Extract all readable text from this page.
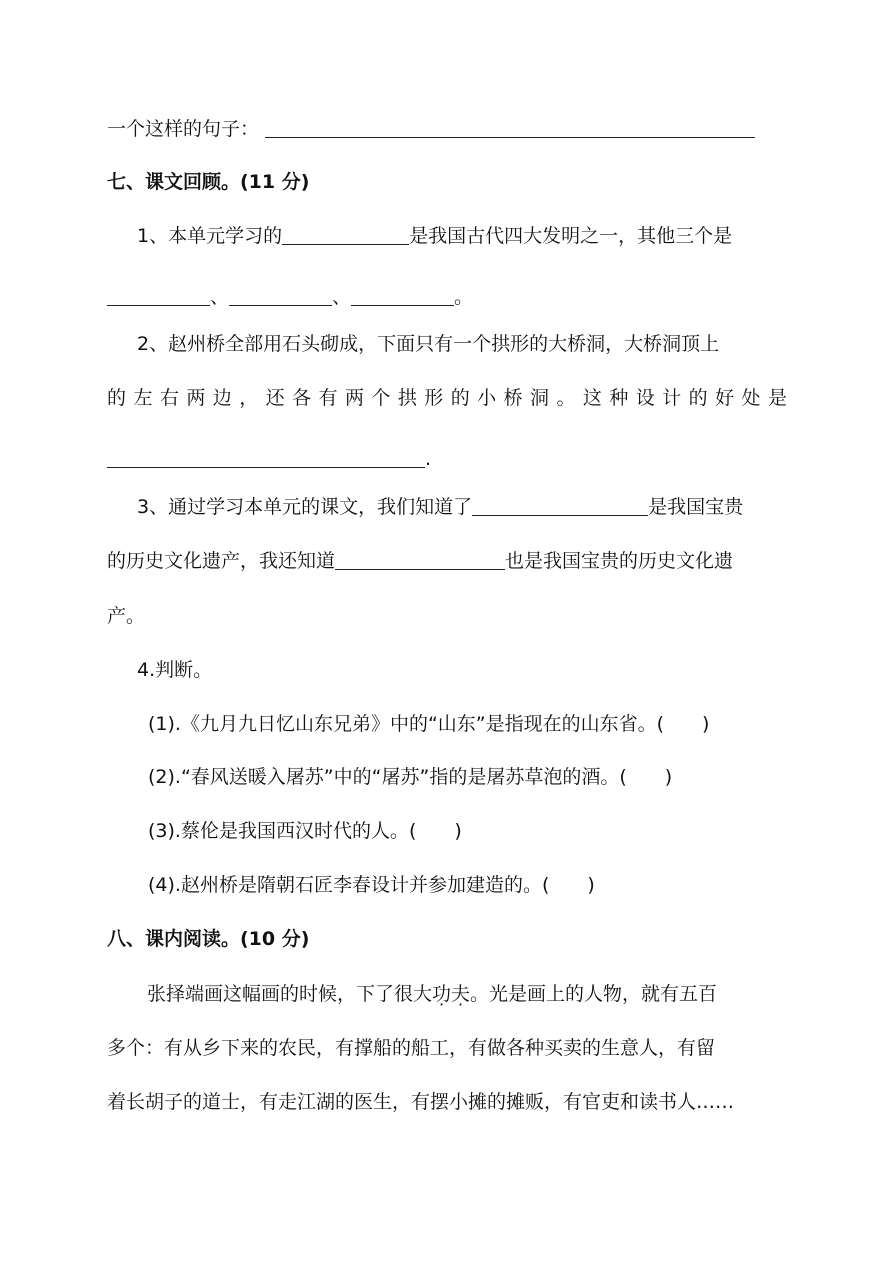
一个这样的句子：
七、课文回顾。(11 分)
1、本单元学习的	是我国古代四大发明之一，其他三个是
、	、	。
2、赵州桥全部用石头砌成，下面只有一个拱形的大桥洞，大桥洞顶上
的 左 右 两 边 ， 还 各 有 两 个 拱 形 的 小 桥 洞 。 这 种 设 计 的 好 处 是
.
3、通过学习本单元的课文，我们知道了	是我国宝贵
的历史文化遗产，我还知道	也是我国宝贵的历史文化遗
产。
4.判断。
(1).《九月九日忆山东兄弟》中的“山东”是指现在的山东省。(　　)
(2).“春风送暖入屠苏”中的“屠苏”指的是屠苏草泡的酒。(　　)
(3).蔡伦是我国西汉时代的人。(　　)
(4).赵州桥是隋朝石匠李春设计并参加建造的。(　　)
八、课内阅读。(10 分)
张择端画这幅画的时候，下了很大功夫。光是画上的人物，就有五百
多个：有从乡下来的农民，有撑船的船工，有做各种买卖的生意人，有留
着长胡子的道士，有走江湖的医生，有摆小摊的摊贩，有官吏和读书人……
